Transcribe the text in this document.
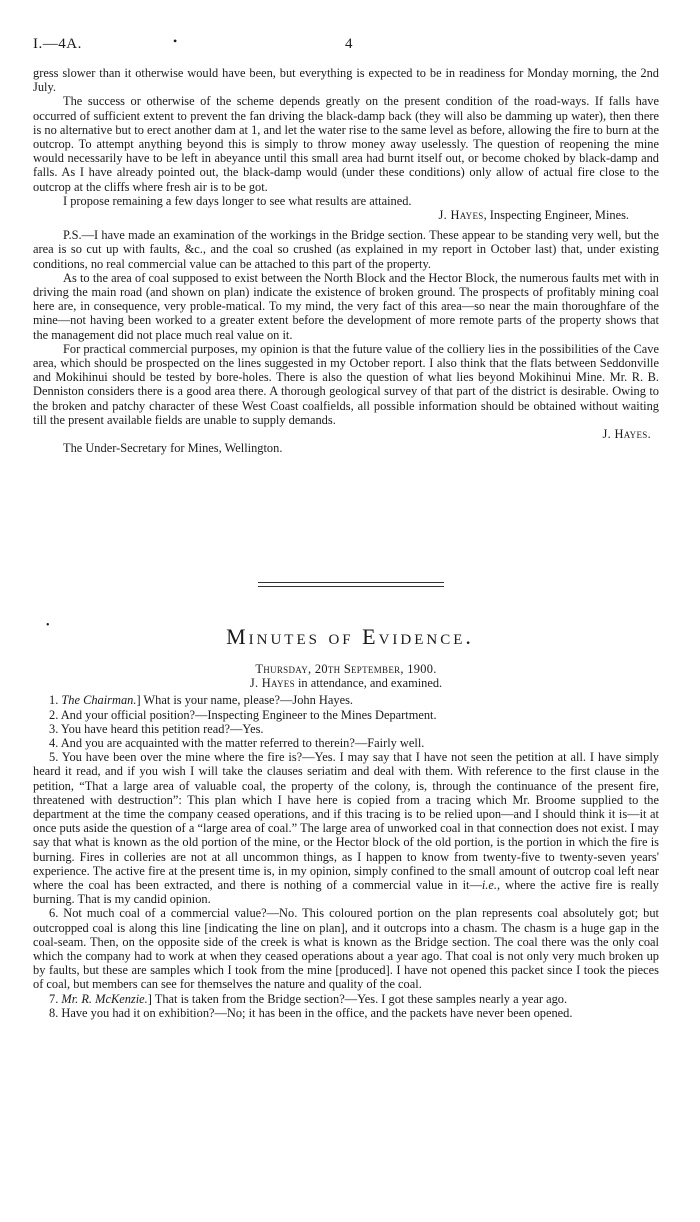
I.—4A.	•	4

gress slower than it otherwise would have been, but everything is expected to be in readiness for Monday morning, the 2nd July.

The success or otherwise of the scheme depends greatly on the present condition of the road-ways. If falls have occurred of sufficient extent to prevent the fan driving the black-damp back (they will also be damming up water), then there is no alternative but to erect another dam at 1, and let the water rise to the same level as before, allowing the fire to burn at the outcrop. To attempt anything beyond this is simply to throw money away uselessly. The question of reopening the mine would necessarily have to be left in abeyance until this small area had burnt itself out, or become choked by black-damp and falls. As I have already pointed out, the black-damp would (under these conditions) only allow of actual fire close to the outcrop at the cliffs where fresh air is to be got.

I propose remaining a few days longer to see what results are attained.

J. Hayes, Inspecting Engineer, Mines.

P.S.—I have made an examination of the workings in the Bridge section. These appear to be standing very well, but the area is so cut up with faults, &c., and the coal so crushed (as explained in my report in October last) that, under existing conditions, no real commercial value can be attached to this part of the property.

As to the area of coal supposed to exist between the North Block and the Hector Block, the numerous faults met with in driving the main road (and shown on plan) indicate the existence of broken ground. The prospects of profitably mining coal here are, in consequence, very proble-matical. To my mind, the very fact of this area—so near the main thoroughfare of the mine—not having been worked to a greater extent before the development of more remote parts of the property shows that the management did not place much real value on it.

For practical commercial purposes, my opinion is that the future value of the colliery lies in the possibilities of the Cave area, which should be prospected on the lines suggested in my October report. I also think that the flats between Seddonville and Mokihinui should be tested by bore-holes. There is also the question of what lies beyond Mokihinui Mine. Mr. R. B. Denniston considers there is a good area there. A thorough geological survey of that part of the district is desirable. Owing to the broken and patchy character of these West Coast coalfields, all possible information should be obtained without waiting till the present available fields are unable to supply demands.

J. Hayes.

The Under-Secretary for Mines, Wellington.

•	Minutes of Evidence.

Thursday, 20th September, 1900.

J. Hayes in attendance, and examined.

1. The Chairman.] What is your name, please?—John Hayes.

2. And your official position?—Inspecting Engineer to the Mines Department.

3. You have heard this petition read?—Yes.

4. And you are acquainted with the matter referred to therein?—Fairly well.

5. You have been over the mine where the fire is?—Yes. I may say that I have not seen the petition at all. I have simply heard it read, and if you wish I will take the clauses seriatim and deal with them. With reference to the first clause in the petition, “That a large area of valuable coal, the property of the colony, is, through the continuance of the present fire, threatened with destruction”: This plan which I have here is copied from a tracing which Mr. Broome supplied to the department at the time the company ceased operations, and if this tracing is to be relied upon—and I should think it is—it at once puts aside the question of a “large area of coal.” The large area of unworked coal in that connection does not exist. I may say that what is known as the old portion of the mine, or the Hector block of the old portion, is the portion in which the fire is burning. Fires in colleries are not at all uncommon things, as I happen to know from twenty-five to twenty-seven years' experience. The active fire at the present time is, in my opinion, simply confined to the small amount of outcrop coal left near where the coal has been extracted, and there is nothing of a commercial value in it—i.e., where the active fire is really burning. That is my candid opinion.

6. Not much coal of a commercial value?—No. This coloured portion on the plan represents coal absolutely got; but outcropped coal is along this line [indicating the line on plan], and it outcrops into a chasm. The chasm is a huge gap in the coal-seam. Then, on the opposite side of the creek is what is known as the Bridge section. The coal there was the only coal which the company had to work at when they ceased operations about a year ago. That coal is not only very much broken up by faults, but these are samples which I took from the mine [produced]. I have not opened this packet since I took the pieces of coal, but members can see for themselves the nature and quality of the coal.

7. Mr. R. McKenzie.] That is taken from the Bridge section?—Yes. I got these samples nearly a year ago.

8. Have you had it on exhibition?—No; it has been in the office, and the packets have never been opened.
